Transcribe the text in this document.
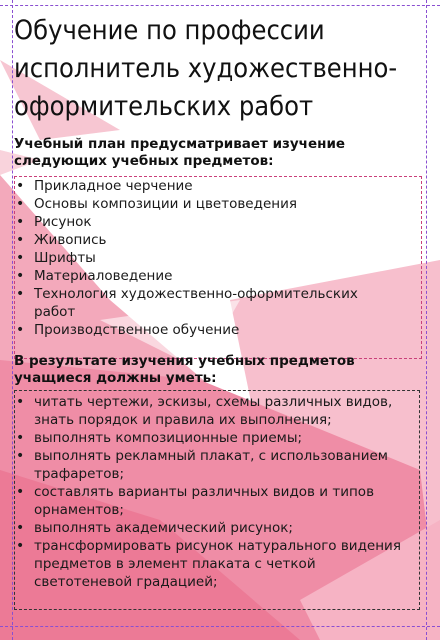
Обучение по профессии исполнитель художественно-оформительских работ

Учебный план предусматривает изучение следующих учебных предметов:

• Прикладное черчение
• Основы композиции и цветоведения
• Рисунок
• Живопись
• Шрифты
• Материаловедение
• Технология художественно-оформительских работ
• Производственное обучение

В результате изучения учебных предметов учащиеся должны уметь:

• читать чертежи, эскизы, схемы различных видов, знать порядок и правила их выполнения;
• выполнять композиционные приемы;
• выполнять рекламный плакат, с использованием трафаретов;
• составлять варианты различных видов и типов орнаментов;
• выполнять академический рисунок;
• трансформировать рисунок натурального видения предметов в элемент плаката с четкой светотеневой градацией;
